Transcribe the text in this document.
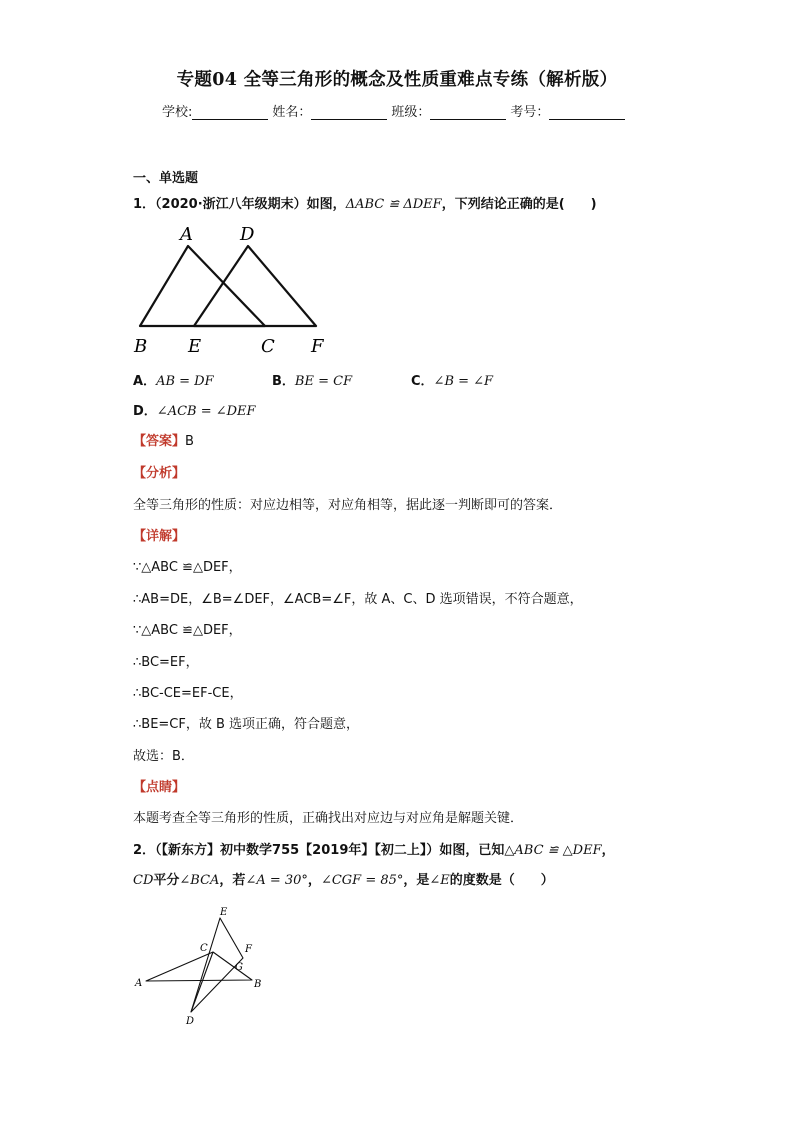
专题04 全等三角形的概念及性质重难点专练（解析版）
学校:	姓名：	班级：	考号：
一、单选题
1．（2020·浙江八年级期末）如图，ΔABC ≌ ΔDEF，下列结论正确的是(　　)
A	D
B E	C F
A．AB = DF	B．BE = CF	C．∠B = ∠F
D．∠ACB = ∠DEF
【答案】B
【分析】
全等三角形的性质：对应边相等，对应角相等，据此逐一判断即可的答案．
【详解】
∵△ABC ≌△DEF，
∴AB=DE，∠B=∠DEF，∠ACB=∠F，故 A、C、D 选项错误，不符合题意，
∵△ABC ≌△DEF，
∴BC=EF，
∴BC-CE=EF-CE，
∴BE=CF，故 B 选项正确，符合题意，
故选：B．
【点睛】
本题考查全等三角形的性质，正确找出对应边与对应角是解题关键．
2．（【新东方】初中数学755【2019年】【初二上】）如图，已知△ABC ≌ △DEF，
CD平分∠BCA，若∠A = 30°，∠CGF = 85°，是∠E的度数是（　　）
E
C	F
G
A	B
D
